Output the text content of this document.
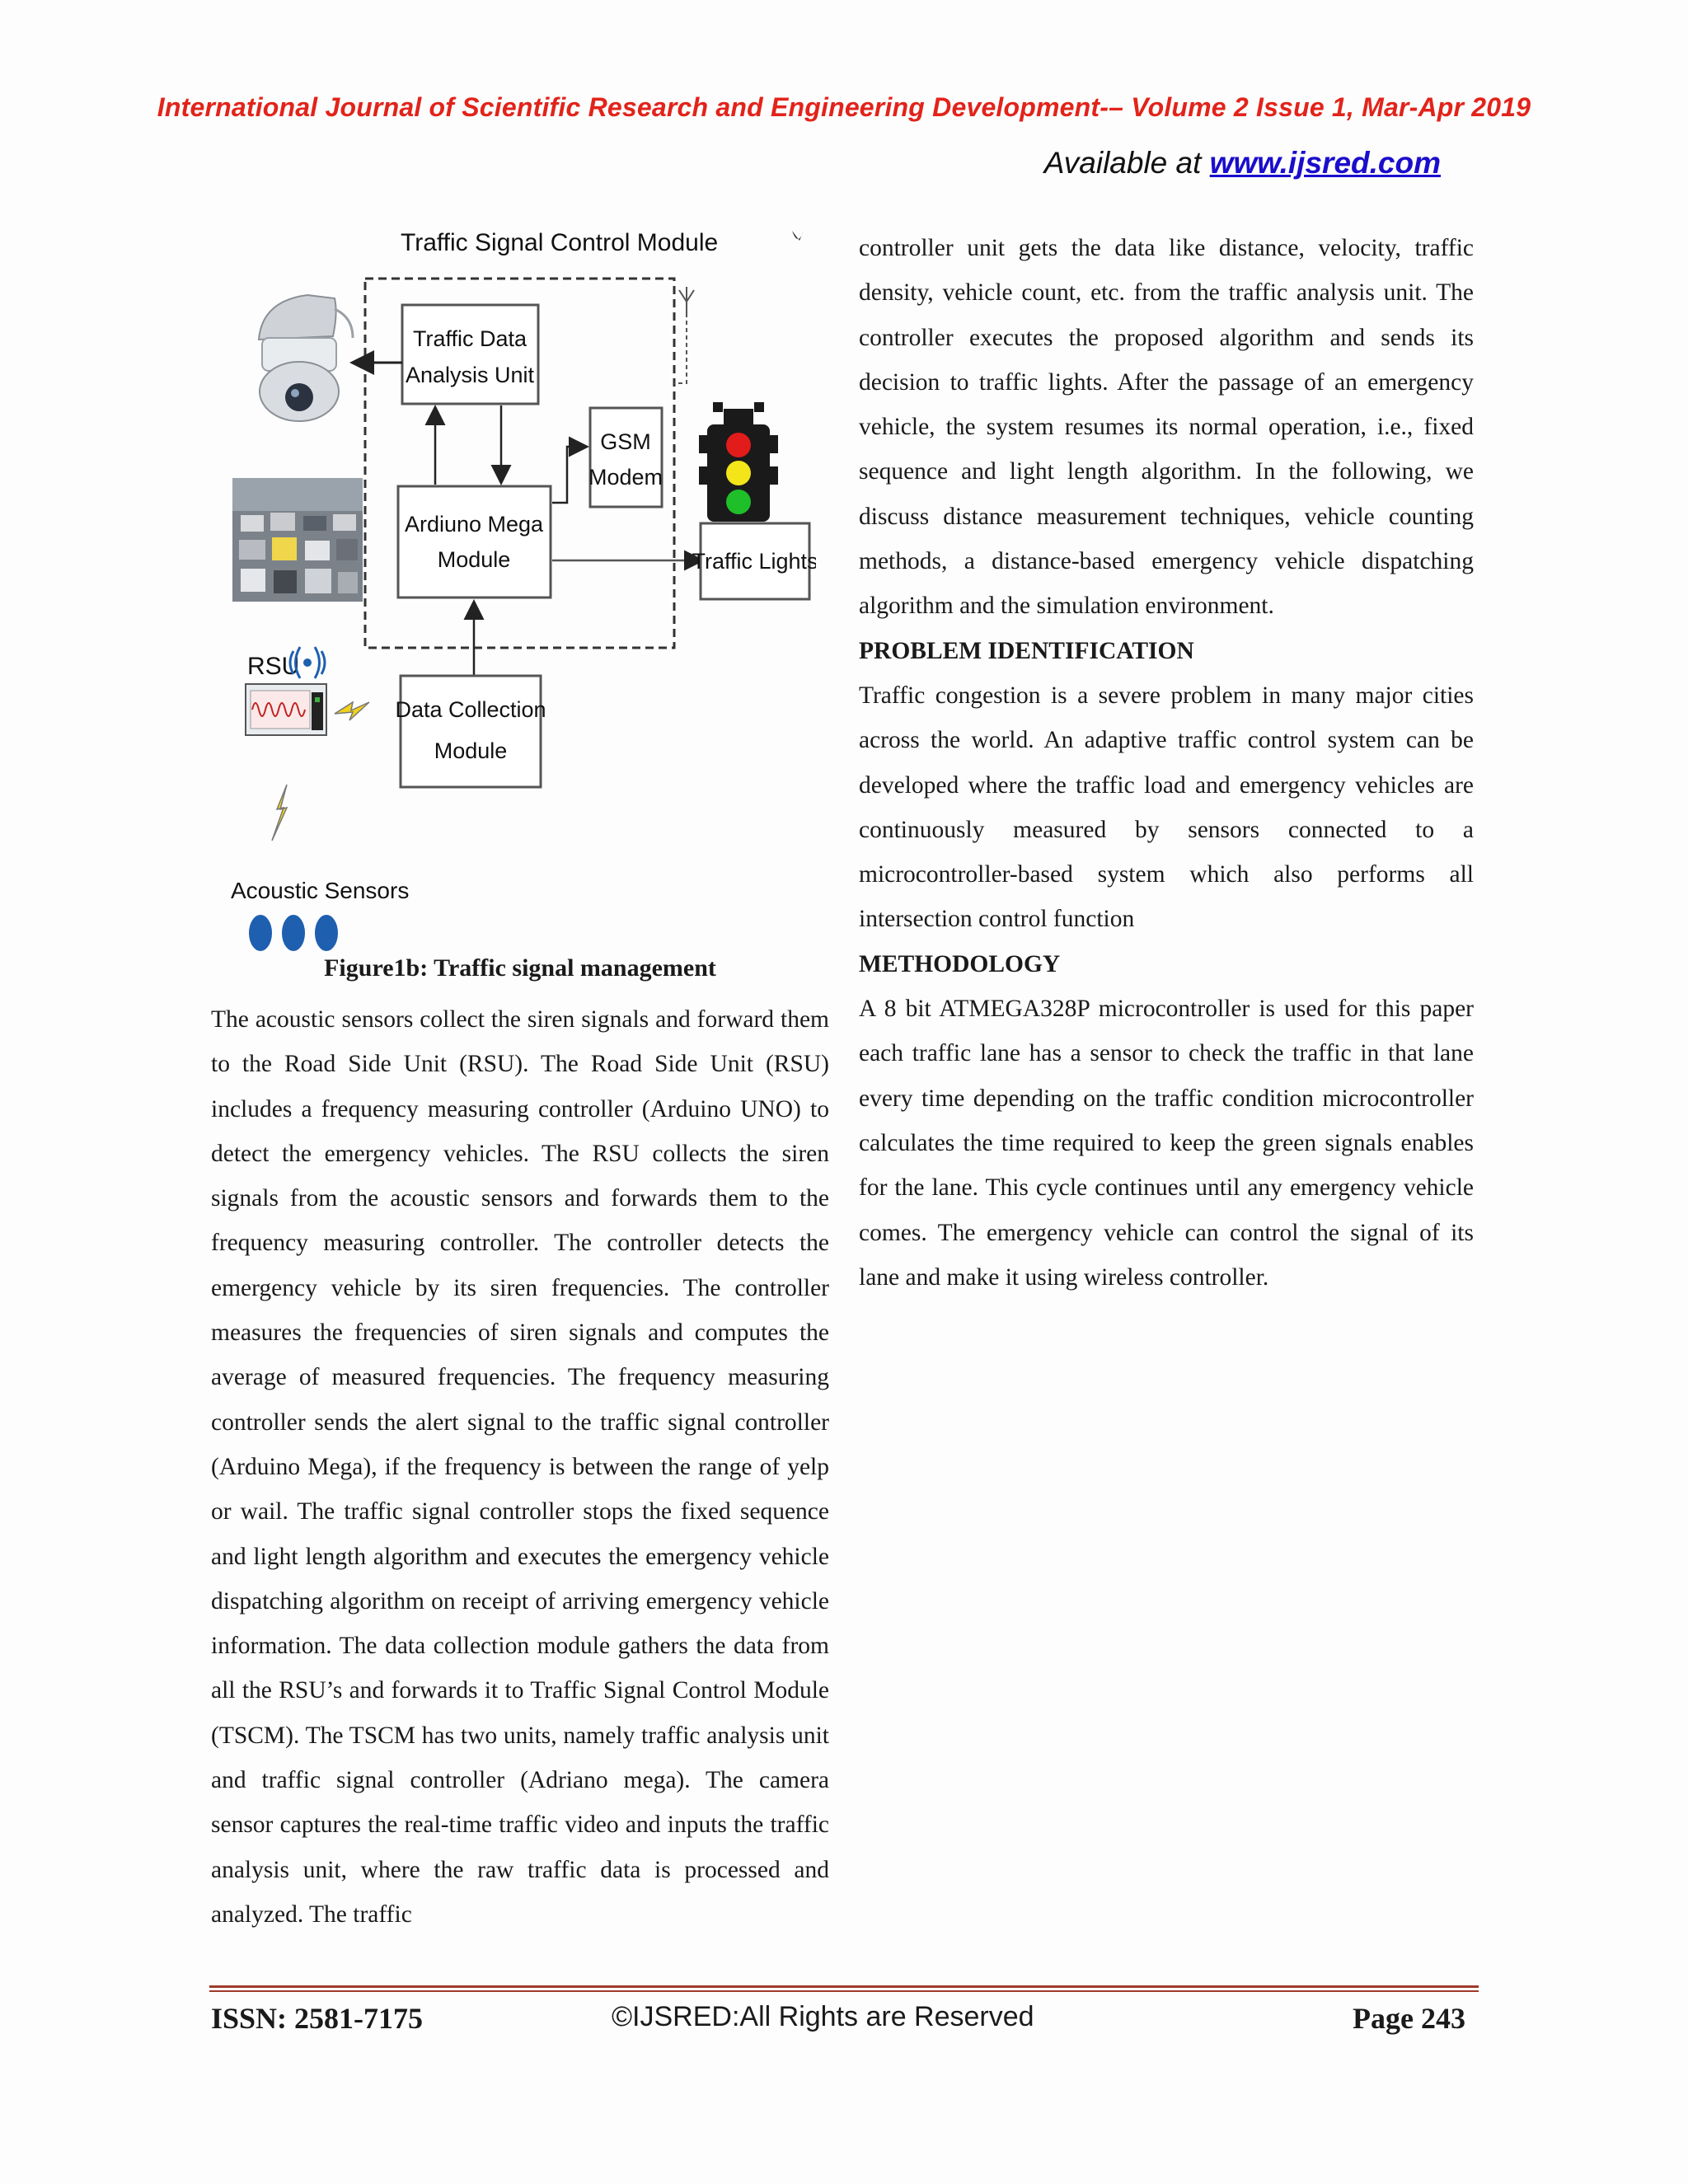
International Journal of Scientific Research and Engineering Development-– Volume 2 Issue 1, Mar-Apr 2019
Available at www.ijsred.com
Traffic Signal Control Module
Traffic Data
Analysis Unit
GSM
Modem
Ardiuno Mega
Module	Traffic Lights
RSU
Data Collection
Module
Acoustic Sensors
Figure1b: Traffic signal management

The acoustic sensors collect the siren signals and forward them to the Road Side Unit (RSU). The Road Side Unit (RSU) includes a frequency measuring controller (Arduino UNO) to detect the emergency vehicles. The RSU collects the siren signals from the acoustic sensors and forwards them to the frequency measuring controller. The controller detects the emergency vehicle by its siren frequencies. The controller measures the frequencies of siren signals and computes the average of measured frequencies. The frequency measuring controller sends the alert signal to the traffic signal controller (Arduino Mega), if the frequency is between the range of yelp or wail. The traffic signal controller stops the fixed sequence and light length algorithm and executes the emergency vehicle dispatching algorithm on receipt of arriving emergency vehicle information. The data collection module gathers the data from all the RSU’s and forwards it to Traffic Signal Control Module (TSCM). The TSCM has two units, namely traffic analysis unit and traffic signal controller (Adriano mega). The camera sensor captures the real-time traffic video and inputs the traffic analysis unit, where the raw traffic data is processed and analyzed. The traffic

controller unit gets the data like distance, velocity, traffic density, vehicle count, etc. from the traffic analysis unit. The controller executes the proposed algorithm and sends its decision to traffic lights. After the passage of an emergency vehicle, the system resumes its normal operation, i.e., fixed sequence and light length algorithm. In the following, we discuss distance measurement techniques, vehicle counting methods, a distance-based emergency vehicle dispatching algorithm and the simulation environment.

PROBLEM IDENTIFICATION

Traffic congestion is a severe problem in many major cities across the world. An adaptive traffic control system can be developed where the traffic load and emergency vehicles are continuously measured by sensors connected to a microcontroller-based system which also performs all intersection control function

METHODOLOGY

A 8 bit ATMEGA328P microcontroller is used for this paper each traffic lane has a sensor to check the traffic in that lane every time depending on the traffic condition microcontroller calculates the time required to keep the green signals enables for the lane. This cycle continues until any emergency vehicle comes. The emergency vehicle can control the signal of its lane and make it using wireless controller.

ISSN: 2581-7175	©IJSRED:All Rights are Reserved	Page 243
